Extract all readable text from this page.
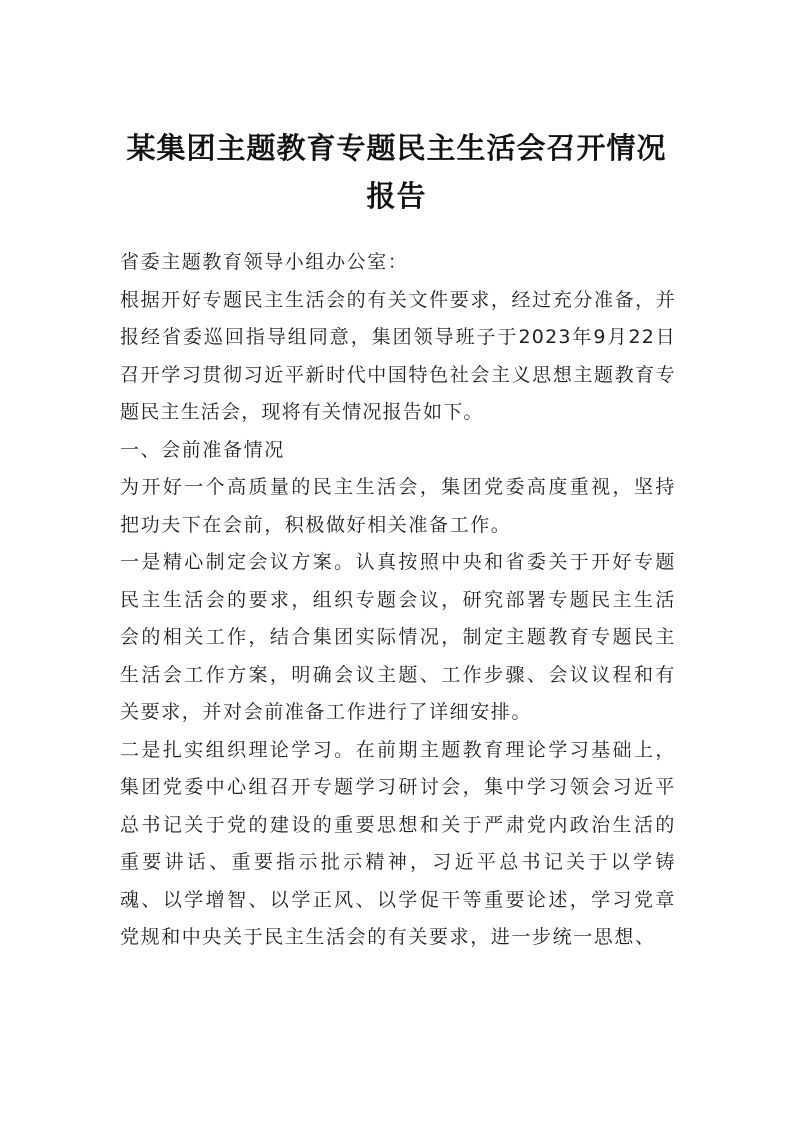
某集团主题教育专题民主生活会召开情况
报告

省委主题教育领导小组办公室：

根据开好专题民主生活会的有关文件要求，经过充分准备，并报经省委巡回指导组同意，集团领导班子于2023年9月22日召开学习贯彻习近平新时代中国特色社会主义思想主题教育专题民主生活会，现将有关情况报告如下。

一、会前准备情况

为开好一个高质量的民主生活会，集团党委高度重视，坚持把功夫下在会前，积极做好相关准备工作。

一是精心制定会议方案。认真按照中央和省委关于开好专题民主生活会的要求，组织专题会议，研究部署专题民主生活会的相关工作，结合集团实际情况，制定主题教育专题民主生活会工作方案，明确会议主题、工作步骤、会议议程和有关要求，并对会前准备工作进行了详细安排。

二是扎实组织理论学习。在前期主题教育理论学习基础上，集团党委中心组召开专题学习研讨会，集中学习领会习近平总书记关于党的建设的重要思想和关于严肃党内政治生活的重要讲话、重要指示批示精神，习近平总书记关于以学铸魂、以学增智、以学正风、以学促干等重要论述，学习党章党规和中央关于民主生活会的有关要求，进一步统一思想、
